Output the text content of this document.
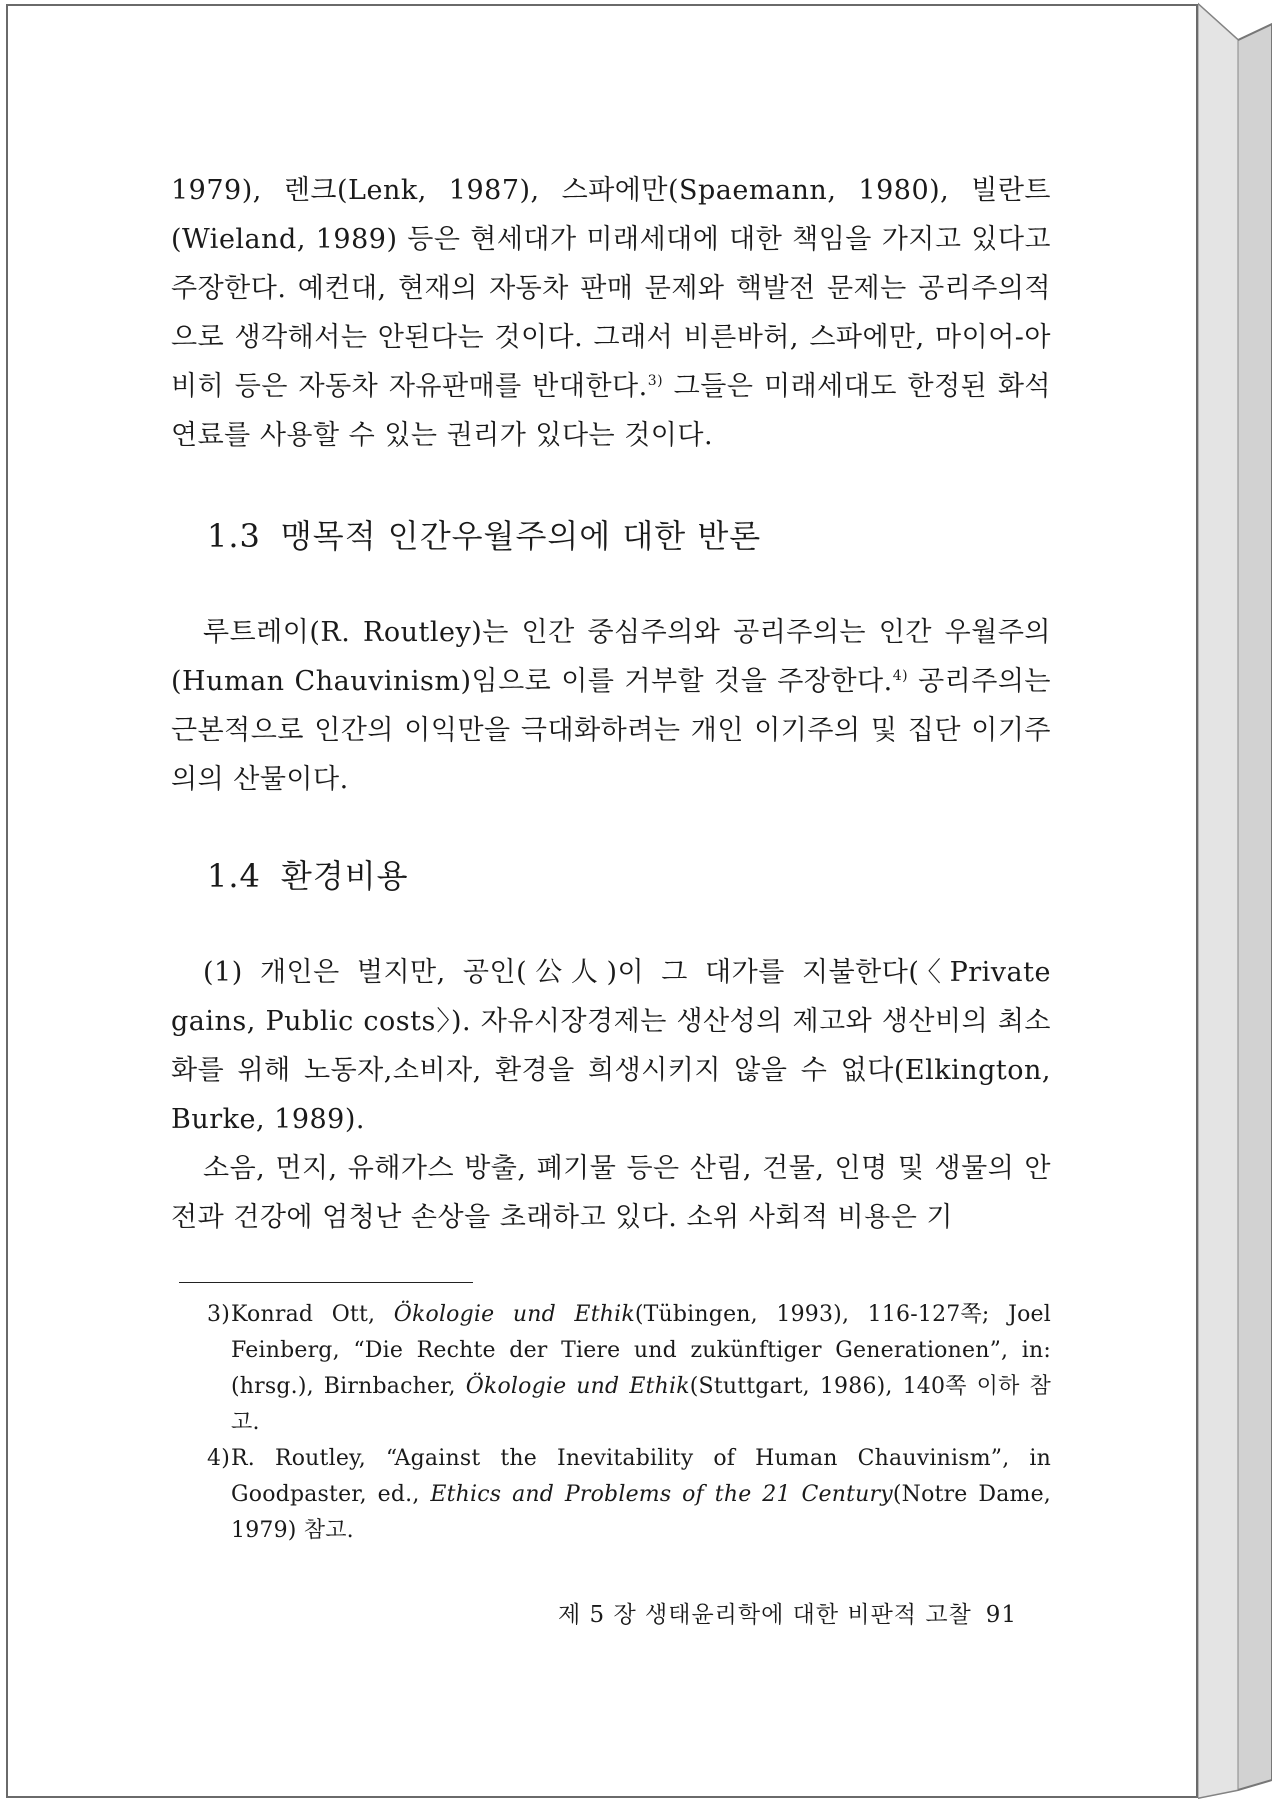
1979), 렌크(Lenk, 1987), 스파에만(Spaemann, 1980), 빌란트(Wieland, 1989) 등은 현세대가 미래세대에 대한 책임을 가지고 있다고 주장한다. 예컨대, 현재의 자동차 판매 문제와 핵발전 문제는 공리주의적으로 생각해서는 안된다는 것이다. 그래서 비른바허, 스파에만, 마이어-아비히 등은 자동차 자유판매를 반대한다.$^{3)}$ 그들은 미래세대도 한정된 화석연료를 사용할 수 있는 권리가 있다는 것이다.

1.3 맹목적 인간우월주의에 대한 반론

루트레이(R. Routley)는 인간 중심주의와 공리주의는 인간 우월주의(Human Chauvinism)임으로 이를 거부할 것을 주장한다.$^{4)}$ 공리주의는 근본적으로 인간의 이익만을 극대화하려는 개인 이기주의 및 집단 이기주의의 산물이다.

1.4 환경비용

(1) 개인은 벌지만, 공인(公人)이 그 대가를 지불한다(〈Private gains, Public costs〉). 자유시장경제는 생산성의 제고와 생산비의 최소화를 위해 노동자,소비자, 환경을 희생시키지 않을 수 없다(Elkington, Burke, 1989).

소음, 먼지, 유해가스 방출, 폐기물 등은 산림, 건물, 인명 및 생물의 안전과 건강에 엄청난 손상을 초래하고 있다. 소위 사회적 비용은 기

3) Konrad Ott, Ökologie und Ethik(Tübingen, 1993), 116-127쪽; Joel Feinberg, “Die Rechte der Tiere und zukünftiger Generationen”, in: (hrsg.), Birnbacher, Ökologie und Ethik(Stuttgart, 1986), 140쪽 이하 참고.
4) R. Routley, “Against the Inevitability of Human Chauvinism”, in Goodpaster, ed., Ethics and Problems of the 21 Century(Notre Dame, 1979) 참고.
제 5 장 생태윤리학에 대한 비판적 고찰 91
